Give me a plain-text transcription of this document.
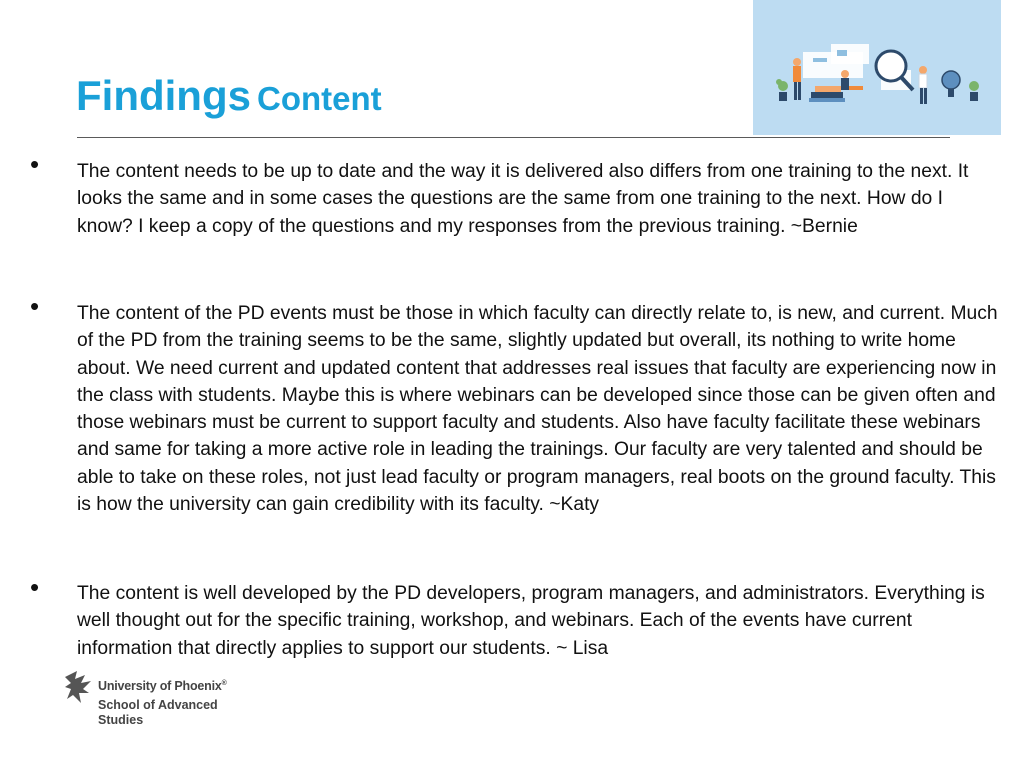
Findings Content
• The content needs to be up to date and the way it is delivered also differs from one training to the next. It looks the same and in some cases the questions are the same from one training to the next. How do I know? I keep a copy of the questions and my responses from the previous training. ~Bernie
• The content of the PD events must be those in which faculty can directly relate to, is new, and current. Much of the PD from the training seems to be the same, slightly updated but overall, its nothing to write home about. We need current and updated content that addresses real issues that faculty are experiencing now in the class with students. Maybe this is where webinars can be developed since those can be given often and those webinars must be current to support faculty and students. Also have faculty facilitate these webinars and same for taking a more active role in leading the trainings. Our faculty are very talented and should be able to take on these roles, not just lead faculty or program managers, real boots on the ground faculty. This is how the university can gain credibility with its faculty. ~Katy
• The content is well developed by the PD developers, program managers, and administrators. Everything is well thought out for the specific training, workshop, and webinars. Each of the events have current information that directly applies to support our students. ~ Lisa
University of Phoenix®
School of Advanced Studies
